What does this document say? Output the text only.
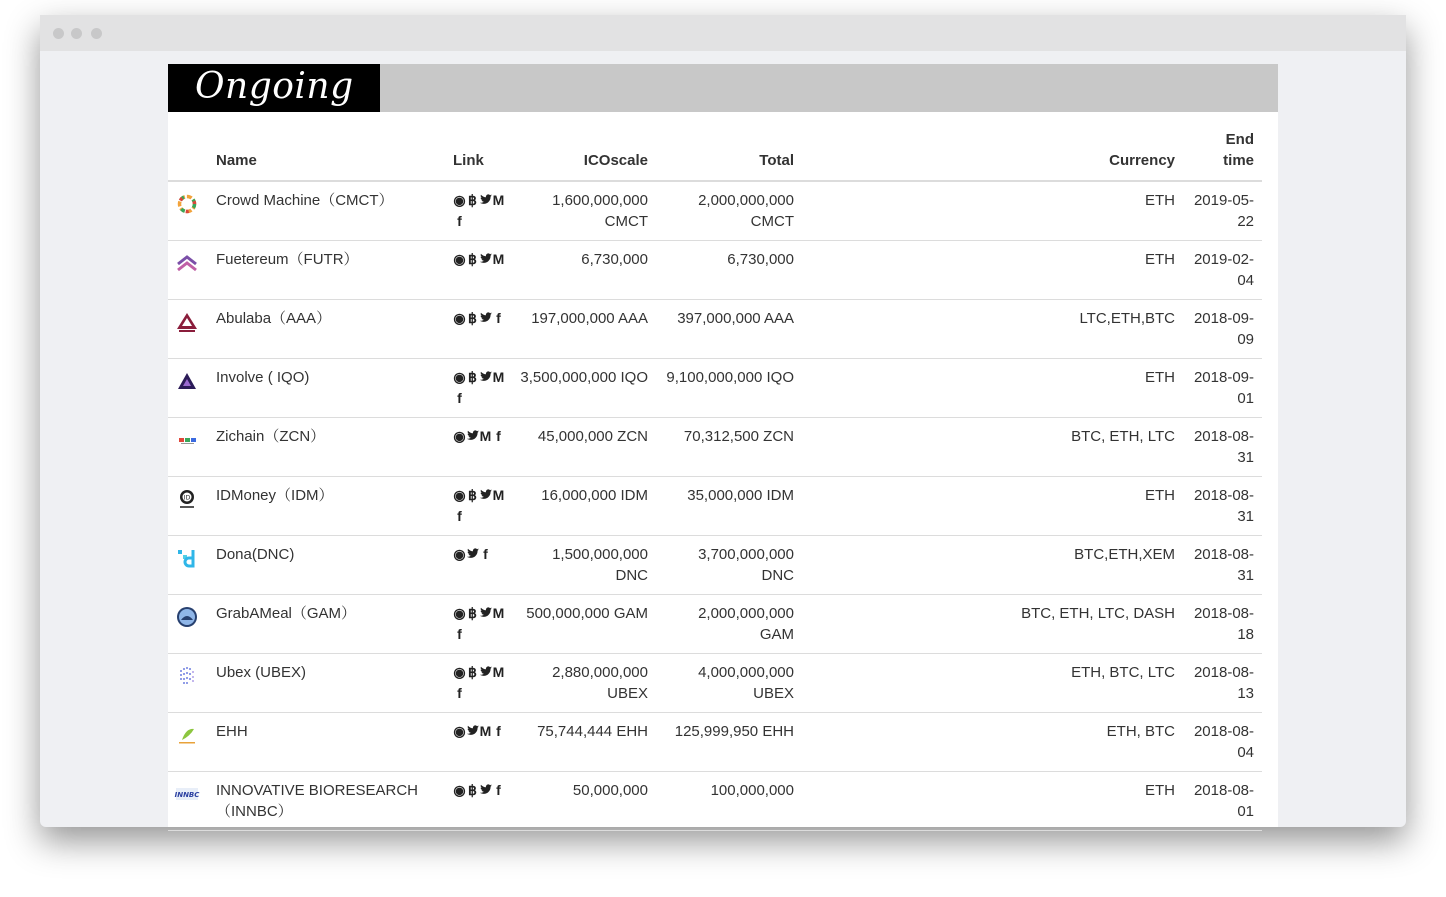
Ongoing
	Name	Link	ICOscale	Total	Currency	End time

	Crowd Machine（CMCT）	◉ ฿ Mf	1,600,000,000 CMCT	2,000,000,000 CMCT	ETH	2019-05-22

	Fuetereum（FUTR）	◉ ฿ M	6,730,000	6,730,000	ETH	2019-02-04

	Abulaba（AAA）	◉ ฿ f	197,000,000 AAA	397,000,000 AAA	LTC,ETH,BTC	2018-09-09

	Involve ( IQO)	◉ ฿ Mf	3,500,000,000 IQO	9,100,000,000 IQO	ETH	2018-09-01

	Zichain（ZCN）	◉ M f	45,000,000 ZCN	70,312,500 ZCN	BTC, ETH, LTC	2018-08-31

ID	IDMoney（IDM）	◉ ฿ Mf	16,000,000 IDM	35,000,000 IDM	ETH	2018-08-31

	Dona(DNC)	◉ f	1,500,000,000 DNC	3,700,000,000 DNC	BTC,ETH,XEM	2018-08-31

	GrabAMeal（GAM）	◉ ฿ Mf	500,000,000 GAM	2,000,000,000 GAM	BTC, ETH, LTC, DASH	2018-08-18

	Ubex (UBEX)	◉ ฿ Mf	2,880,000,000 UBEX	4,000,000,000 UBEX	ETH, BTC, LTC	2018-08-13

	EHH	◉ M f	75,744,444 EHH	125,999,950 EHH	ETH, BTC	2018-08-04

INNBC	INNOVATIVE BIORESEARCH（INNBC）	◉ ฿ f	50,000,000	100,000,000	ETH	2018-08-01
